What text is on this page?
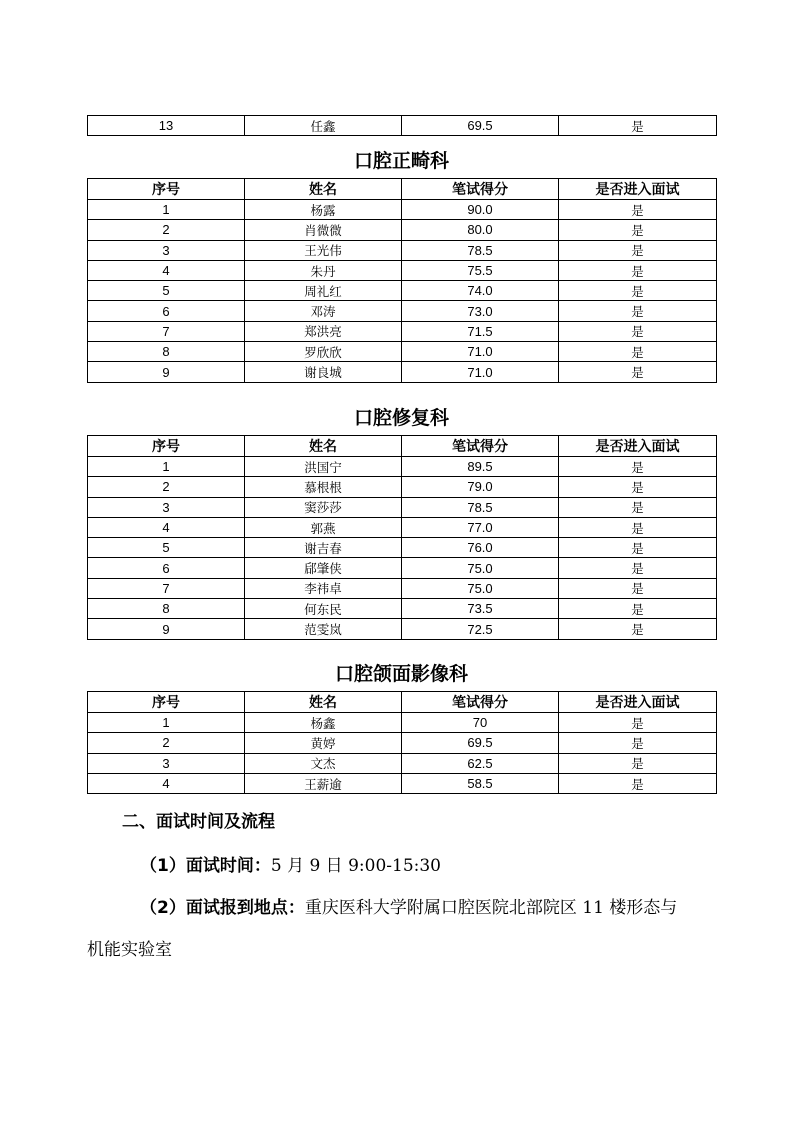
13	任鑫	69.5	是
口腔正畸科
序号	姓名	笔试得分	是否进入面试
1	杨露	90.0	是
2	肖微微	80.0	是
3	王光伟	78.5	是
4	朱丹	75.5	是
5	周礼红	74.0	是
6	邓涛	73.0	是
7	郑洪亮	71.5	是
8	罗欣欣	71.0	是
9	谢良城	71.0	是
口腔修复科
序号	姓名	笔试得分	是否进入面试
1	洪国宁	89.5	是
2	慕根根	79.0	是
3	窦莎莎	78.5	是
4	郭燕	77.0	是
5	谢吉春	76.0	是
6	郈肇侠	75.0	是
7	李祎卓	75.0	是
8	何东民	73.5	是
9	范雯岚	72.5	是
口腔颌面影像科
序号	姓名	笔试得分	是否进入面试
1	杨鑫	70	是
2	黄婷	69.5	是
3	文杰	62.5	是
4	王薪逾	58.5	是
二、面试时间及流程
（1）面试时间：5 月 9 日 9:00-15:30
（2）面试报到地点：重庆医科大学附属口腔医院北部院区 11 楼形态与
机能实验室
